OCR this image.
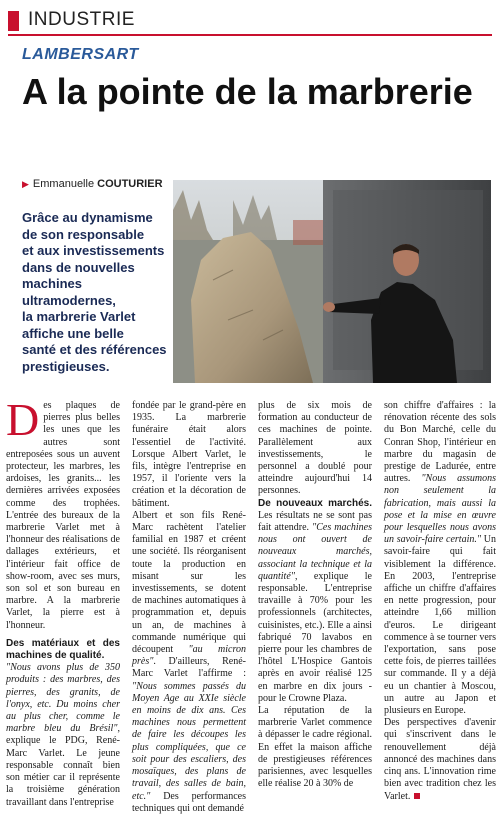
INDUSTRIE
LAMBERSART
A la pointe de la marbrerie
▶ Emmanuelle COUTURIER
Grâce au dynamisme
de son responsable
et aux investissements
dans de nouvelles
machines
ultramodernes,
la marbrerie Varlet
affiche une belle
santé et des références
prestigieuses.

Des plaques de pierres plus belles les unes que les autres sont entreposées sous un auvent protecteur, les marbres, les ardoises, les granits... les dernières arrivées exposées comme des trophées. L'entrée des bureaux de la marbrerie Varlet met à l'honneur des réalisations de dallages extérieurs, et l'intérieur fait office de show-room, avec ses murs, son sol et son bureau en marbre. A la marbrerie Varlet, la pierre est à l'honneur.

Des matériaux et des machines de qualité.

"Nous avons plus de 350 produits : des marbres, des pierres, des granits, de l'onyx, etc. Du moins cher au plus cher, comme le marbre bleu du Brésil", explique le PDG, René-Marc Varlet. Le jeune responsable connaît bien son métier car il représente la troisième génération travaillant dans l'entreprise

fondée par le grand-père en 1935. La marbrerie funéraire était alors l'essentiel de l'activité. Lorsque Albert Varlet, le fils, intègre l'entreprise en 1957, il l'oriente vers la création et la décoration de bâtiment.

Albert et son fils René-Marc rachètent l'atelier familial en 1987 et créent une société. Ils réorganisent toute la production en misant sur les investissements, se dotent de machines automatiques à programmation et, depuis un an, de machines à commande numérique qui découpent "au micron près". D'ailleurs, René-Marc Varlet l'affirme : "Nous sommes passés du Moyen Age au XXIe siècle en moins de dix ans. Ces machines nous permettent de faire les découpes les plus compliquées, que ce soit pour des escaliers, des mosaïques, des plans de travail, des salles de bain, etc." Des performances techniques qui ont demandé

plus de six mois de formation au conducteur de ces machines de pointe. Parallèlement aux investissements, le personnel a doublé pour atteindre aujourd'hui 14 personnes.

De nouveaux marchés. Les résultats ne se sont pas fait attendre. "Ces machines nous ont ouvert de nouveaux marchés, associant la technique et la quantité", explique le responsable. L'entreprise travaille à 70% pour les professionnels (architectes, cuisinistes, etc.). Elle a ainsi fabriqué 70 lavabos en pierre pour les chambres de l'hôtel L'Hospice Gantois après en avoir réalisé 125 en marbre en dix jours - pour le Crowne Plaza.

La réputation de la marbrerie Varlet commence à dépasser le cadre régional. En effet la maison affiche de prestigieuses références parisiennes, avec lesquelles elle réalise 20 à 30% de

son chiffre d'affaires : la rénovation récente des sols du Bon Marché, celle du Conran Shop, l'intérieur en marbre du magasin de prestige de Ladurée, entre autres. "Nous assumons non seulement la fabrication, mais aussi la pose et la mise en œuvre pour lesquelles nous avons un savoir-faire certain." Un savoir-faire qui fait visiblement la différence. En 2003, l'entreprise affiche un chiffre d'affaires en nette progression, pour atteindre 1,66 million d'euros. Le dirigeant commence à se tourner vers l'exportation, sans pose cette fois, de pierres taillées sur commande. Il y a déjà eu un chantier à Moscou, un autre au Japon et plusieurs en Europe.

Des perspectives d'avenir qui s'inscrivent dans le renouvellement déjà annoncé des machines dans cinq ans. L'innovation rime bien avec tradition chez les Varlet.
